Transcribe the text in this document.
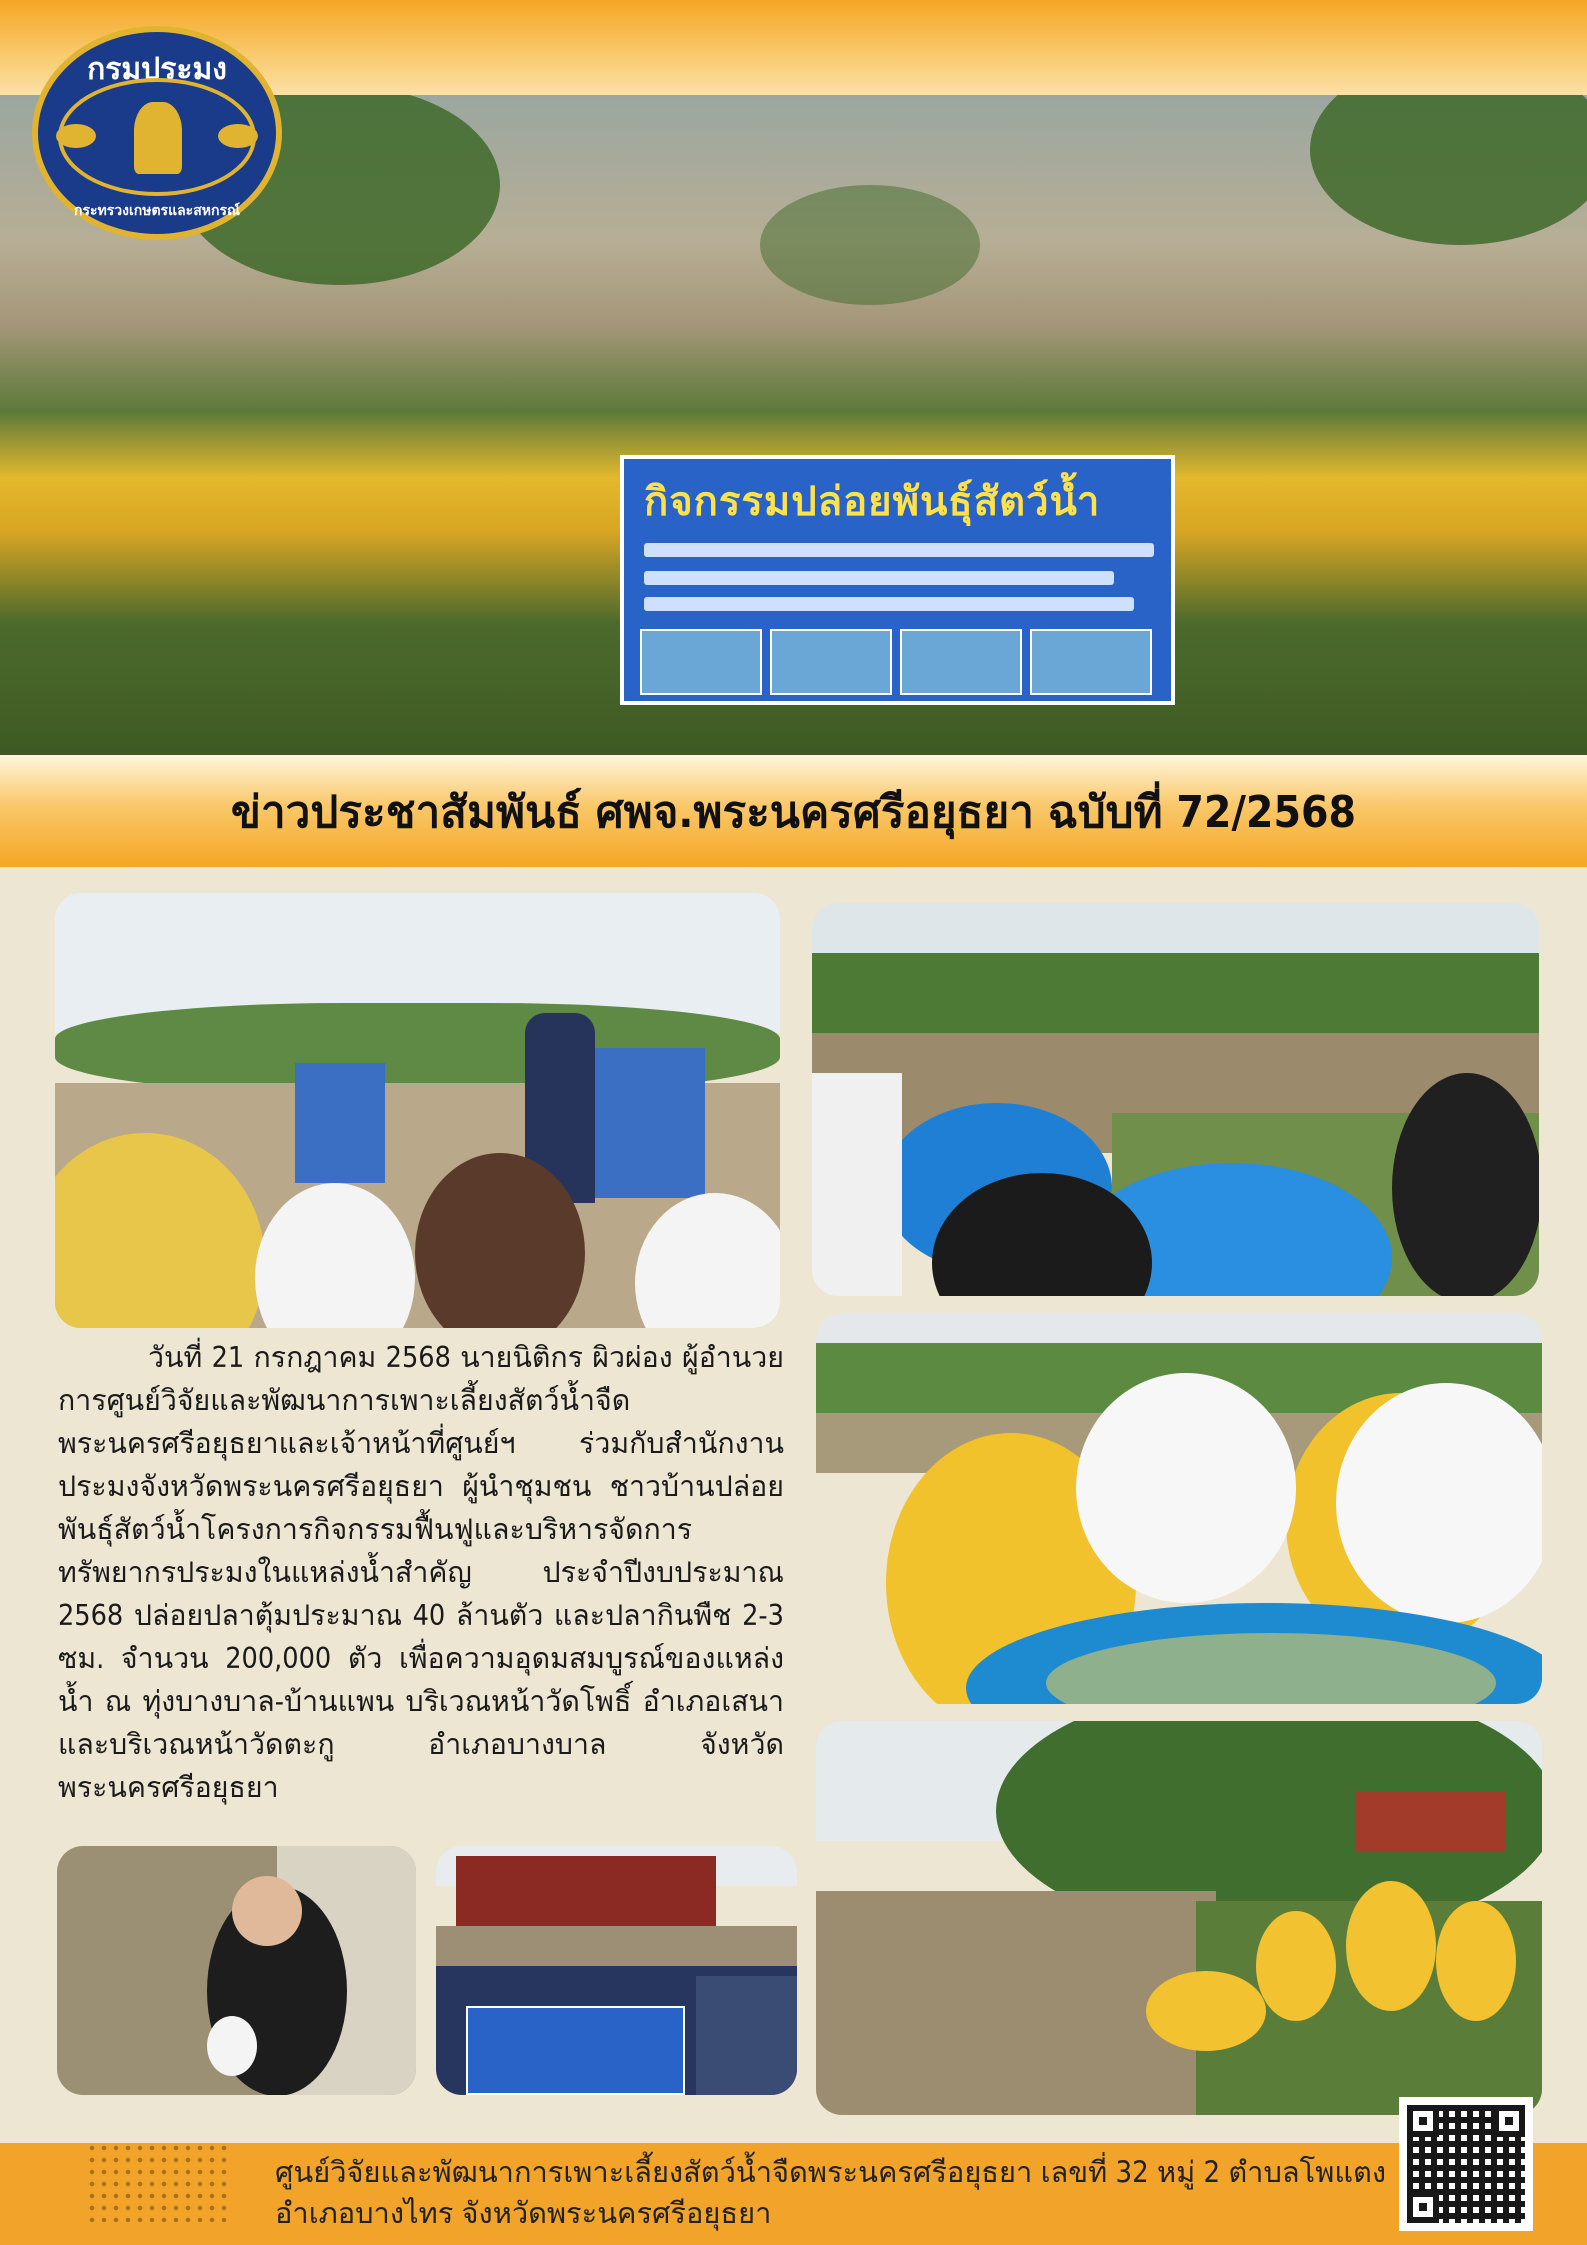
กิจกรรมปล่อยพันธุ์สัตว์น้ำ
กรมประมง
กระทรวงเกษตรและสหกรณ์
ข่าวประชาสัมพันธ์ ศพจ.พระนครศรีอยุธยา ฉบับที่ 72/2568
วันที่ 21 กรกฎาคม 2568 นายนิติกร ผิวผ่อง ผู้อำนวยการศูนย์วิจัยและพัฒนาการเพาะเลี้ยงสัตว์น้ำจืดพระนครศรีอยุธยาและเจ้าหน้าที่ศูนย์ฯ ร่วมกับสำนักงานประมงจังหวัดพระนครศรีอยุธยา ผู้นำชุมชน ชาวบ้านปล่อยพันธุ์สัตว์น้ำโครงการกิจกรรมฟื้นฟูและบริหารจัดการทรัพยากรประมงในแหล่งน้ำสำคัญ ประจำปีงบประมาณ 2568 ปล่อยปลาตุ้มประมาณ 40 ล้านตัว และปลากินพืช 2-3 ซม. จำนวน 200,000 ตัว เพื่อความอุดมสมบูรณ์ของแหล่งน้ำ ณ ทุ่งบางบาล-บ้านแพน บริเวณหน้าวัดโพธิ์ อำเภอเสนา และบริเวณหน้าวัดตะกู อำเภอบางบาล จังหวัดพระนครศรีอยุธยา
ศูนย์วิจัยและพัฒนาการเพาะเลี้ยงสัตว์น้ำจืดพระนครศรีอยุธยา เลขที่ 32 หมู่ 2 ตำบลโพแตง
อำเภอบางไทร จังหวัดพระนครศรีอยุธยา
